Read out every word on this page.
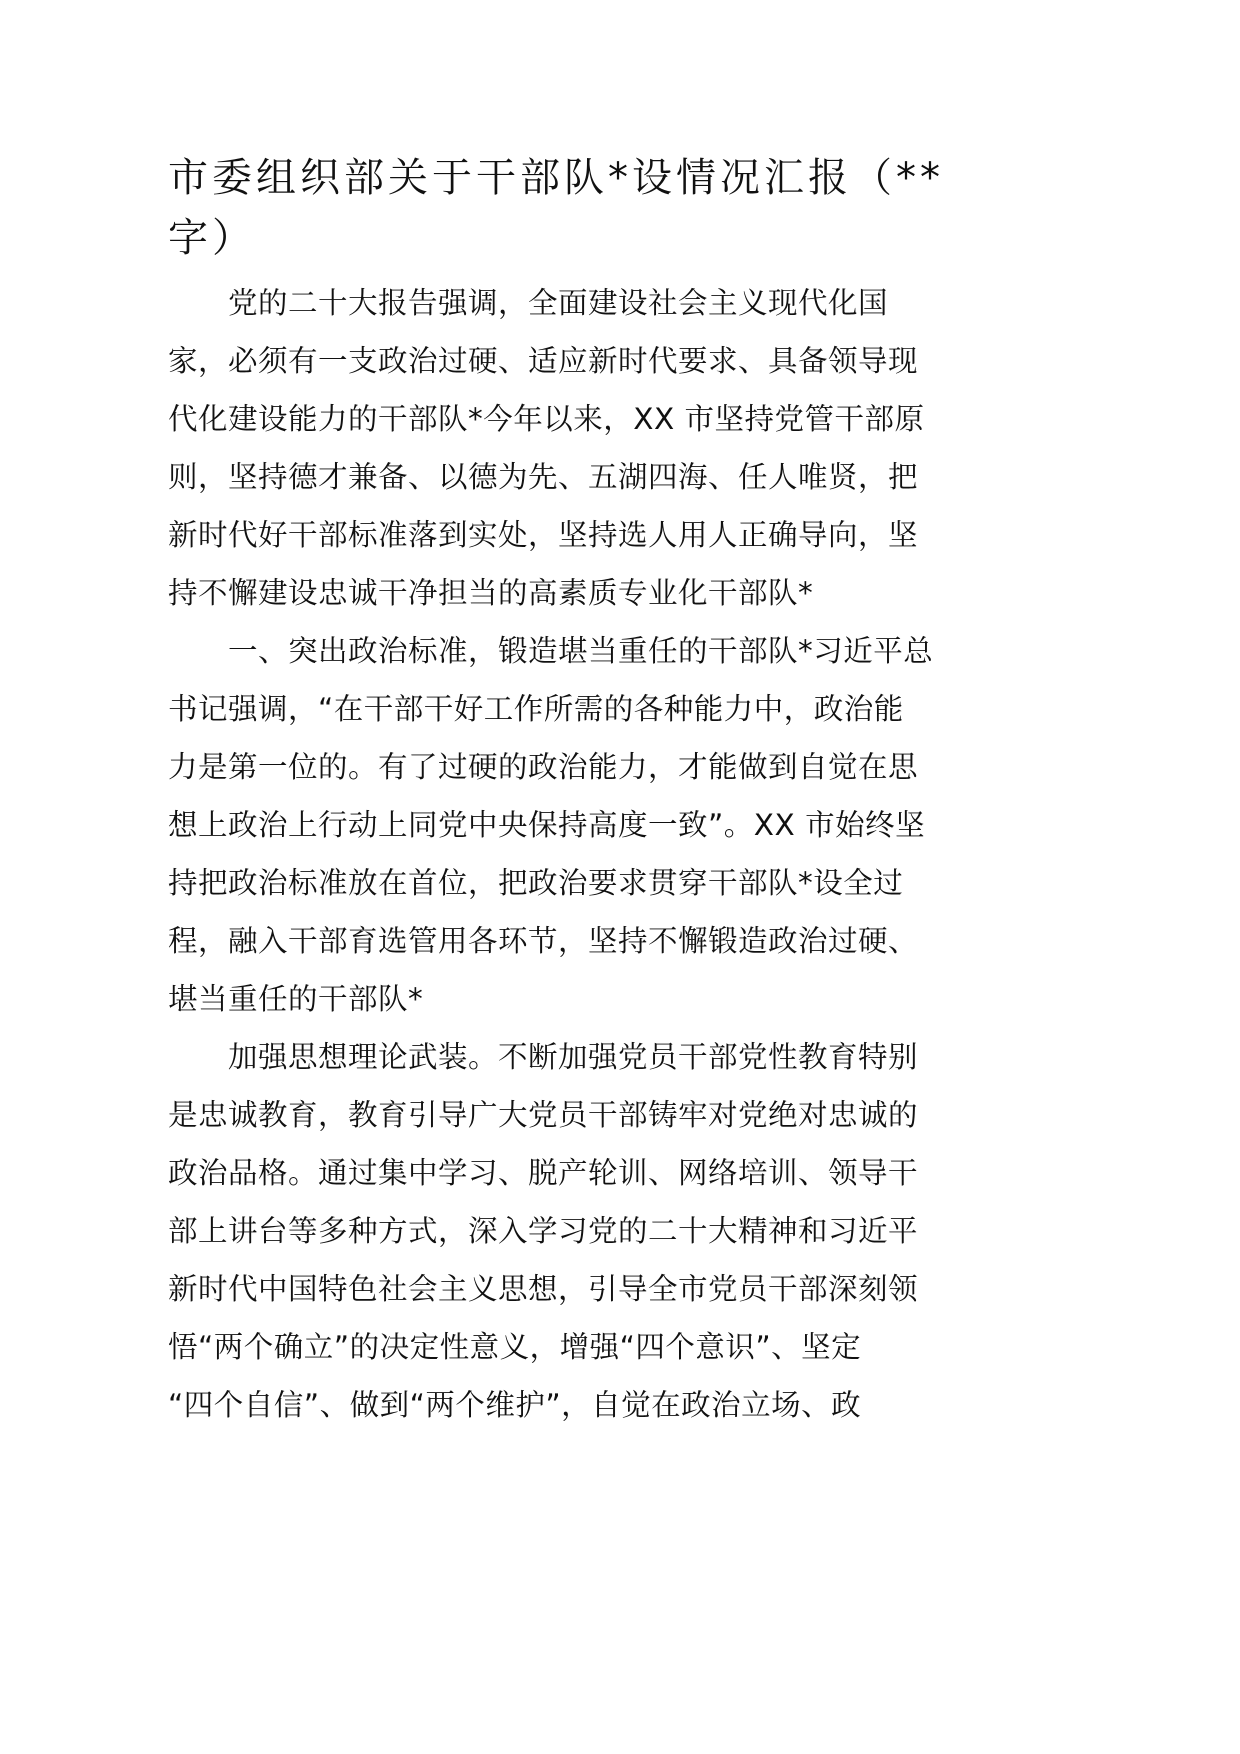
市委组织部关于干部队*设情况汇报（**
字）

党的二十大报告强调，全面建设社会主义现代化国

家，必须有一支政治过硬、适应新时代要求、具备领导现

代化建设能力的干部队*今年以来，XX 市坚持党管干部原

则，坚持德才兼备、以德为先、五湖四海、任人唯贤，把

新时代好干部标准落到实处，坚持选人用人正确导向，坚

持不懈建设忠诚干净担当的高素质专业化干部队*

一、突出政治标准，锻造堪当重任的干部队*习近平总

书记强调，“在干部干好工作所需的各种能力中，政治能

力是第一位的。有了过硬的政治能力，才能做到自觉在思

想上政治上行动上同党中央保持高度一致”。XX 市始终坚

持把政治标准放在首位，把政治要求贯穿干部队*设全过

程，融入干部育选管用各环节，坚持不懈锻造政治过硬、

堪当重任的干部队*

加强思想理论武装。不断加强党员干部党性教育特别

是忠诚教育，教育引导广大党员干部铸牢对党绝对忠诚的

政治品格。通过集中学习、脱产轮训、网络培训、领导干

部上讲台等多种方式，深入学习党的二十大精神和习近平

新时代中国特色社会主义思想，引导全市党员干部深刻领

悟“两个确立”的决定性意义，增强“四个意识”、坚定

“四个自信”、做到“两个维护”，自觉在政治立场、政
